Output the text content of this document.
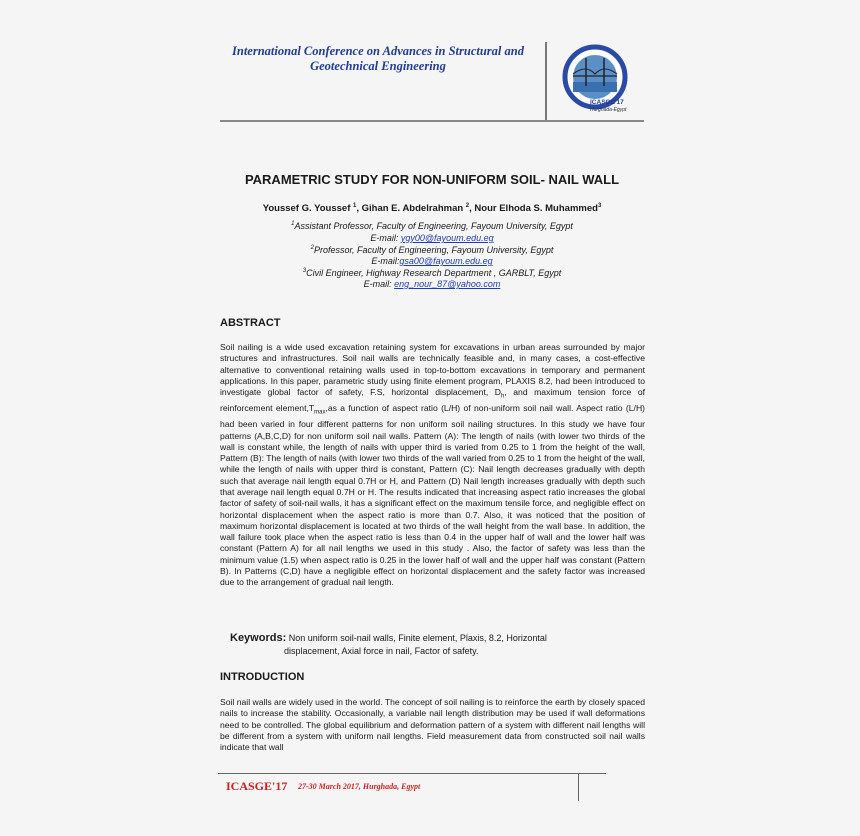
International Conference on Advances in Structural and
Geotechnical Engineering
ICASGE'17
Hurghada-Egypt
PARAMETRIC STUDY FOR NON-UNIFORM SOIL- NAIL WALL
Youssef G. Youssef $^1$, Gihan E. Abdelrahman $^2$, Nour Elhoda S. Muhammed$^3$
$^1$Assistant Professor, Faculty of Engineering, Fayoum University, Egypt
E-mail: ygy00@fayoum.edu.eg
$^2$Professor, Faculty of Engineering, Fayoum University, Egypt
E-mail:gsa00@fayoum.edu.eg
$^3$Civil Engineer, Highway Research Department , GARBLT, Egypt
E-mail: eng_nour_87@yahoo.com
ABSTRACT
Soil nailing is a wide used excavation retaining system for excavations in urban areas surrounded by major structures and infrastructures. Soil nail walls are technically feasible and, in many cases, a cost-effective alternative to conventional retaining walls used in top-to-bottom excavations in temporary and permanent applications. In this paper, parametric study using finite element program, PLAXIS 8.2, had been introduced to investigate global factor of safety, F.S, horizontal displacement, $D_h$, and maximum tension force of reinforcement $element,T_{max},as$ a function of aspect ratio (L/H) of non-uniform soil nail wall. Aspect ratio (L/H) had been varied in four different patterns for non uniform soil nailing structures. In this study we have four patterns (A,B,C,D) for non uniform soil nail walls. Pattern (A): The length of nails (with lower two thirds of the wall is constant while, the length of nails with upper third is varied from 0.25 to 1 from the height of the wall, Pattern (B): The length of nails (with lower two thirds of the wall varied from 0.25 to 1 from the height of the wall, while the length of nails with upper third is constant, Pattern (C): Nail length decreases gradually with depth such that average nail length equal 0.7H or H, and Pattern (D) Nail length increases gradually with depth such that average nail length equal 0.7H or H. The results indicated that increasing aspect ratio increases the global factor of safety of soil-nail walls, it has a significant effect on the maximum tensile force, and negligible effect on horizontal displacement when the aspect ratio is more than 0.7. Also, it was noticed that the position of maximum horizontal displacement is located at two thirds of the wall height from the wall base. In addition, the wall failure took place when the aspect ratio is less than 0.4 in the upper half of wall and the lower half was constant (Pattern A) for all nail lengths we used in this study . Also, the factor of safety was less than the minimum value (1.5) when aspect ratio is 0.25 in the lower half of wall and the upper half was constant (Pattern B). In Patterns (C,D) have a negligible effect on horizontal displacement and the safety factor was increased due to the arrangement of gradual nail length.
Keywords: Non uniform soil-nail walls, Finite element, Plaxis, 8.2, Horizontal
displacement, Axial force in nail, Factor of safety.
INTRODUCTION
Soil nail walls are widely used in the world. The concept of soil nailing is to reinforce the earth by closely spaced nails to increase the stability. Occasionally, a variable nail length distribution may be used if wall deformations need to be controlled. The global equilibrium and deformation pattern of a system with different nail lengths will be different from a system with uniform nail lengths. Field measurement data from constructed soil nail walls indicate that wall
ICASGE'17 27-30 March 2017, Hurghada, Egypt
